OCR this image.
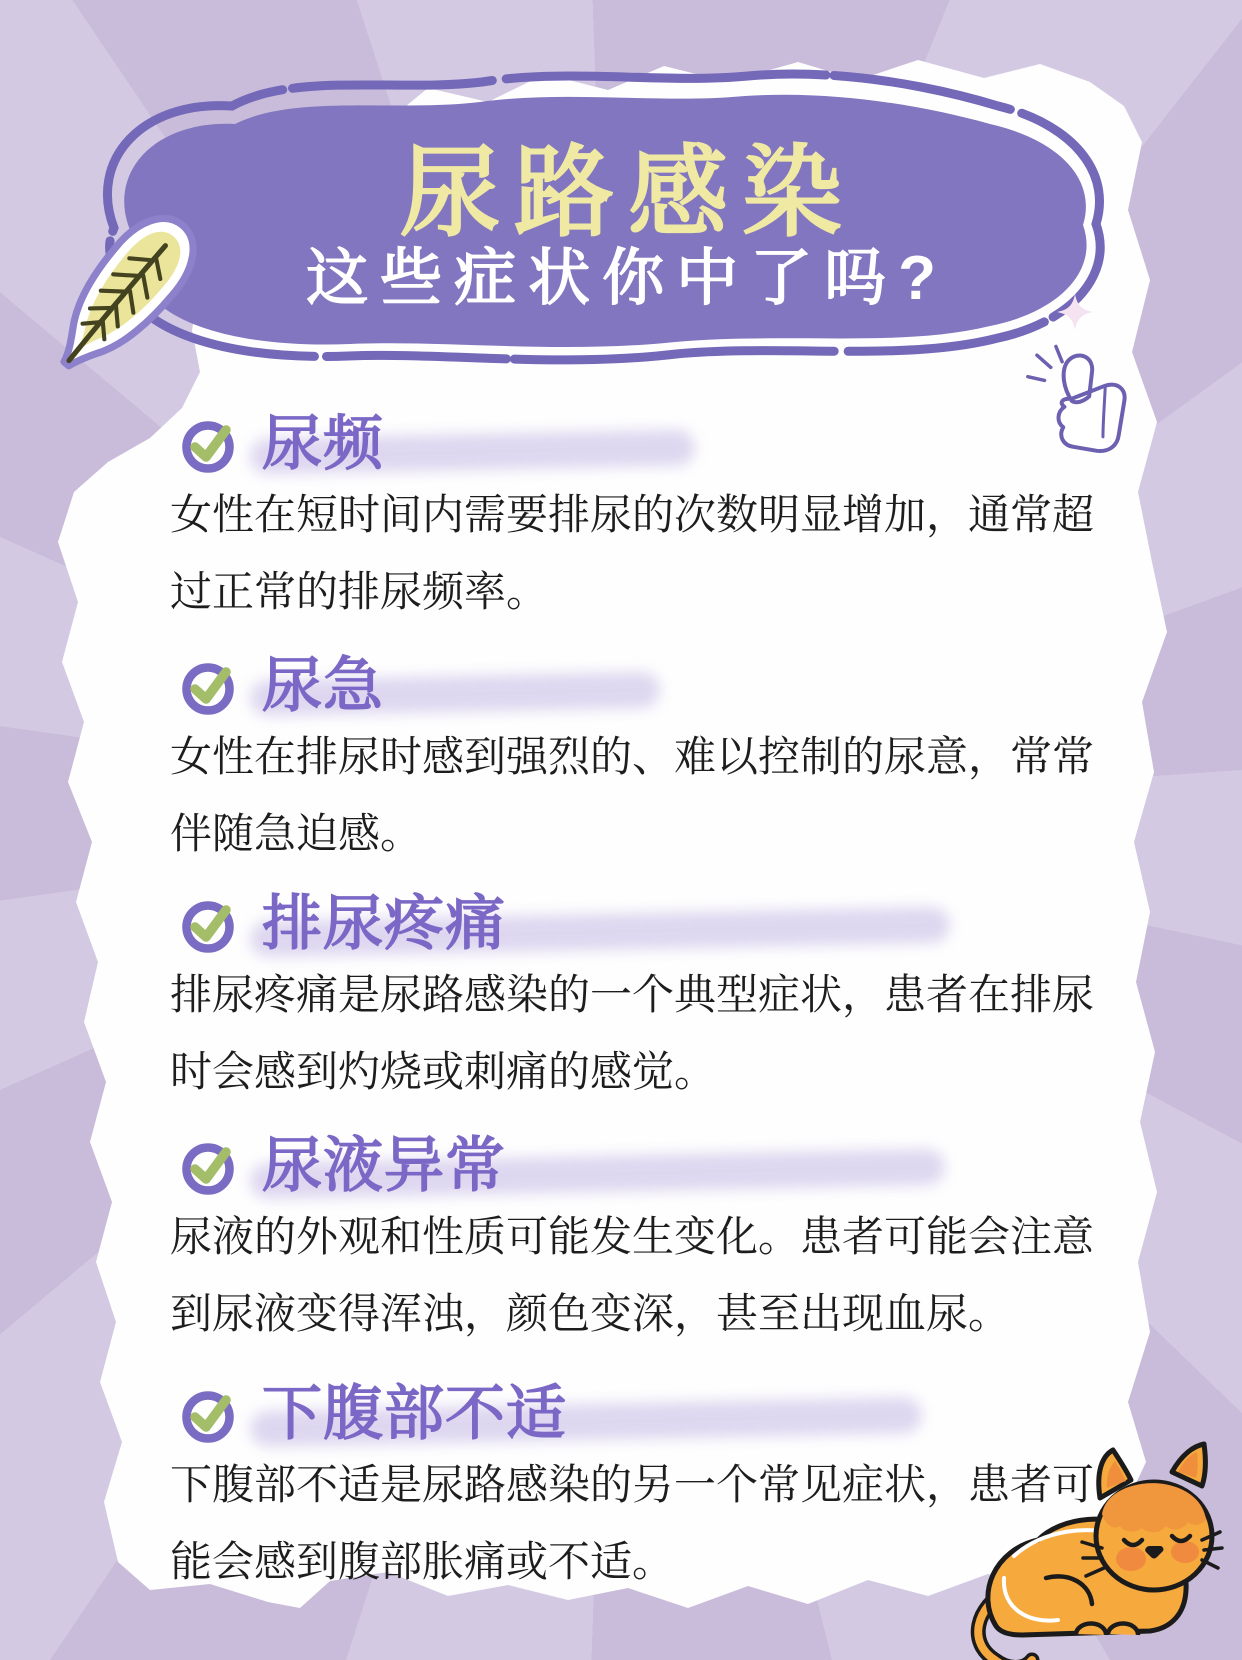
尿路感染
这些症状你中了吗?
尿频

女性在短时间内需要排尿的次数明显增加，通常超过正常的排尿频率。

尿急

女性在排尿时感到强烈的、难以控制的尿意，常常伴随急迫感。

排尿疼痛

排尿疼痛是尿路感染的一个典型症状，患者在排尿时会感到灼烧或刺痛的感觉。

尿液异常

尿液的外观和性质可能发生变化。患者可能会注意到尿液变得浑浊，颜色变深，甚至出现血尿。

下腹部不适

下腹部不适是尿路感染的另一个常见症状，患者可能会感到腹部胀痛或不适。
